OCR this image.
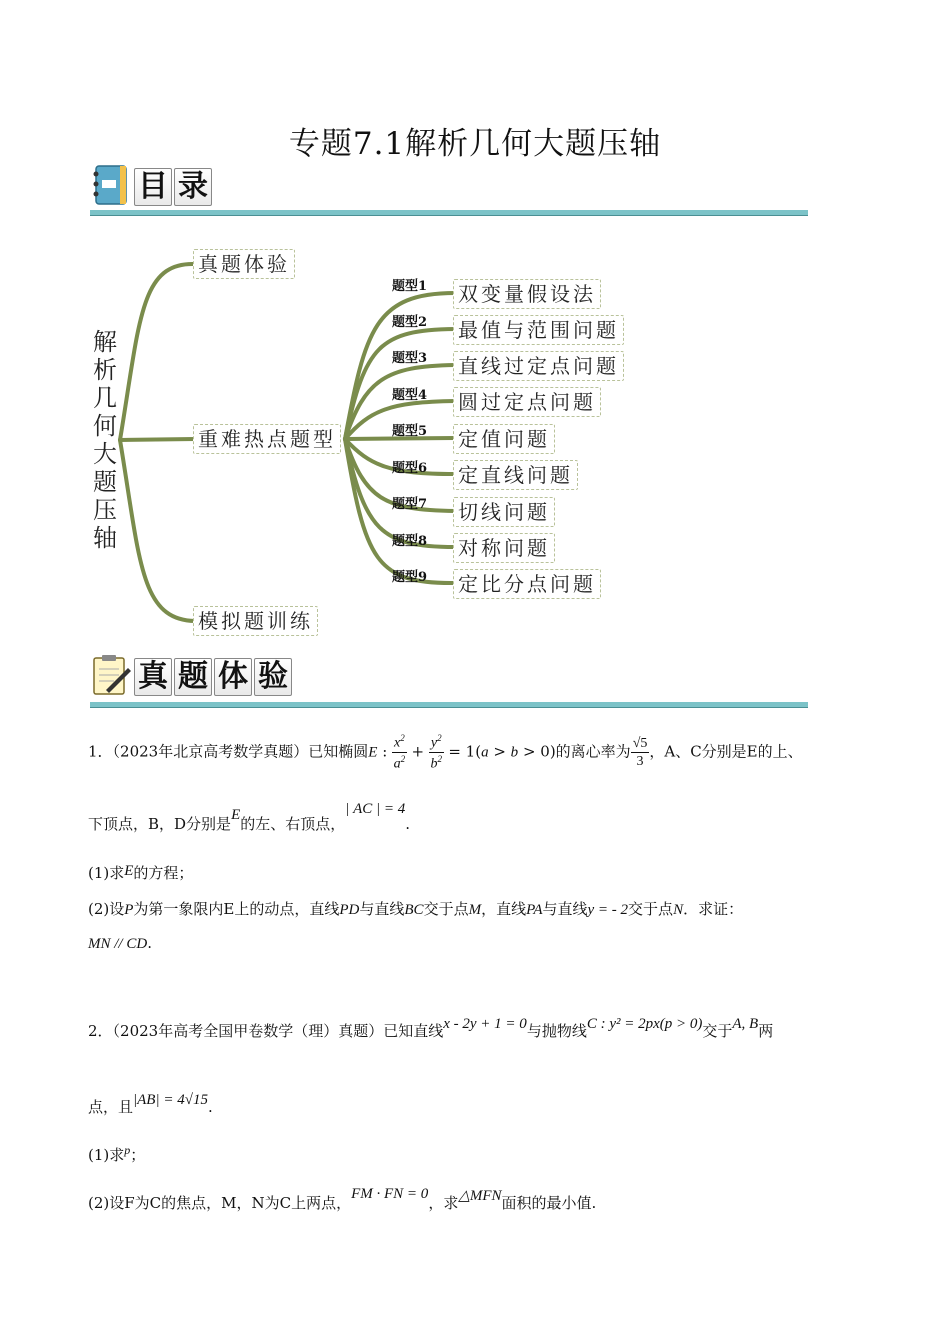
专题7.1解析几何大题压轴
目 录
解
析
几
何
大
题
压
轴
真题体验
重难热点题型
模拟题训练
题型1
题型2
题型3
题型4
题型5
题型6
题型7
题型8
题型9
双变量假设法
最值与范围问题
直线过定点问题
圆过定点问题
定值问题
定直线问题
切线问题
对称问题
定比分点问题
真 题 体 验
1．（2023年北京高考数学真题）已知椭圆E : $\frac{x^2}{a^2} + \frac{y^2}{b^2} = 1(a > b > 0)$的离心率为 $\frac{√5}{3}$ ，A、C分别是E的上、
下顶点，B，D分别是E的左、右顶点，| AC | = 4.
(1)求E的方程；
(2)设P为第一象限内E上的动点，直线PD与直线BC交于点M，直线PA与直线y = - 2交于点N．求证：
MN // CD.
2．（2023年高考全国甲卷数学（理）真题）已知直线x - 2y + 1 = 0与抛物线C : y² = 2px(p > 0)交于A, B两
点，且|AB| = 4√15.
(1)求$^p$；
(2)设F为C的焦点，M，N为C上两点，FM · FN = 0，求△MFN面积的最小值.
